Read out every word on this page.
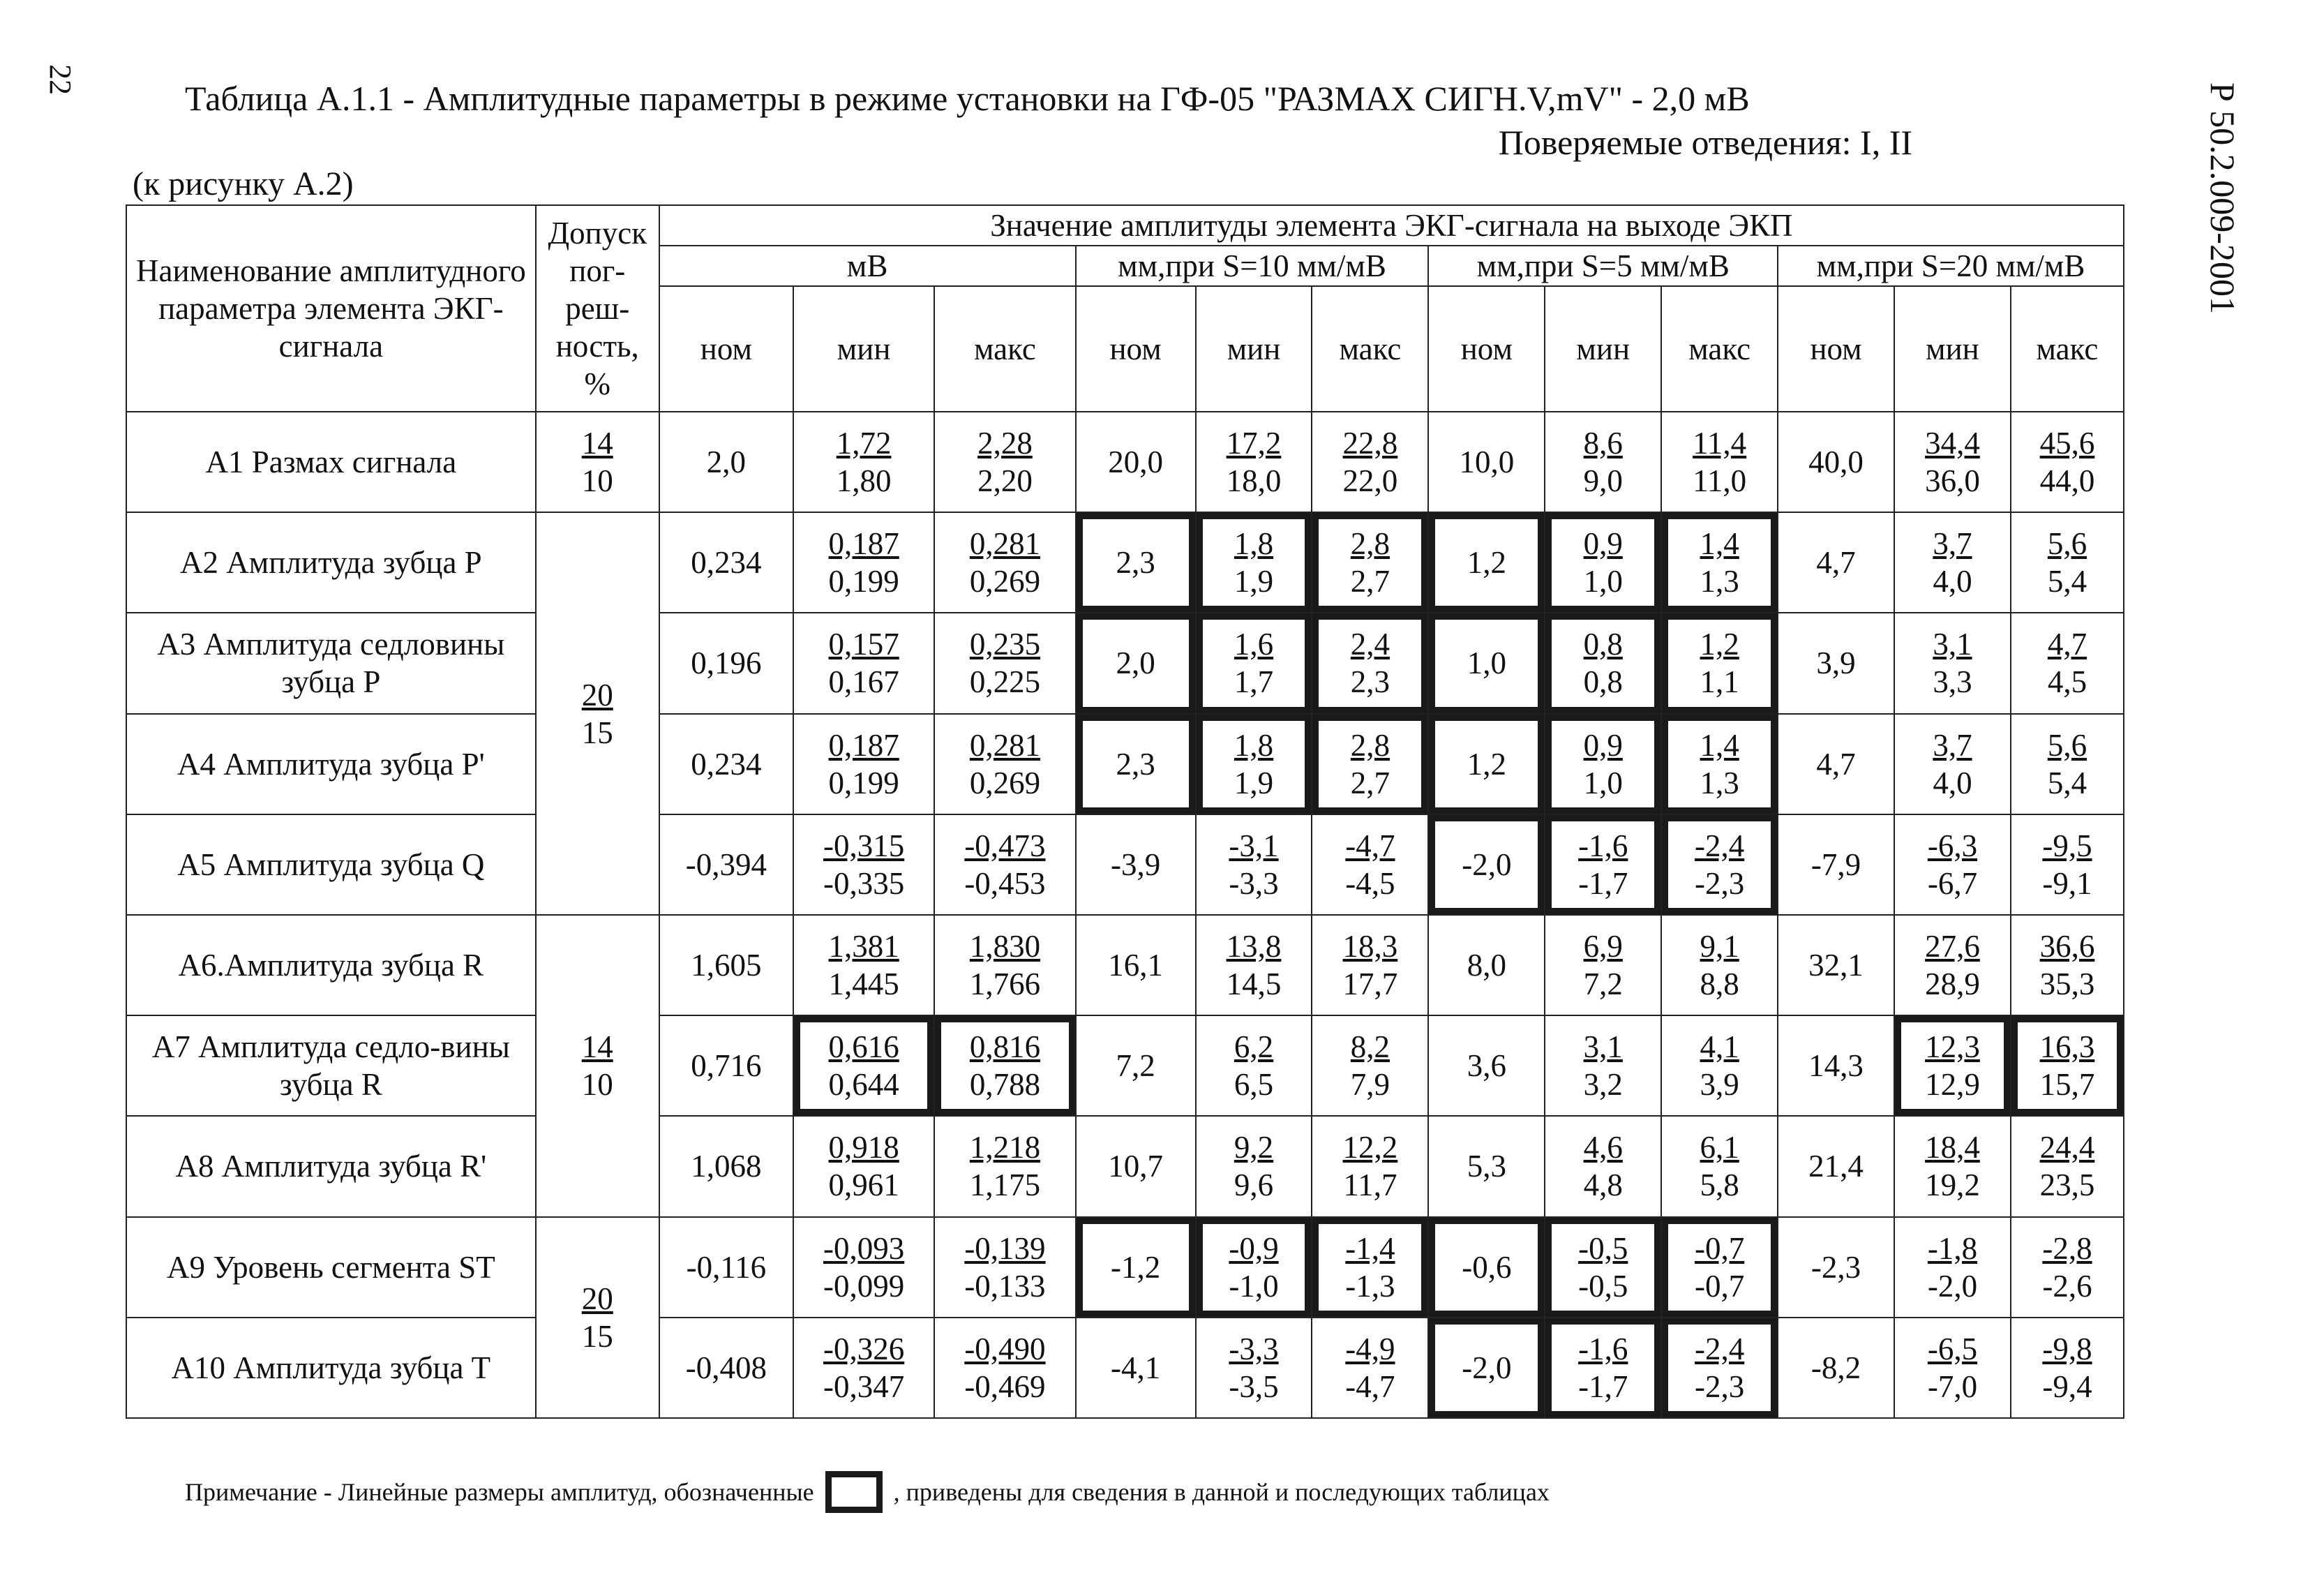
22
Р 50.2.009-2001
Таблица А.1.1 - Амплитудные параметры в режиме установки на ГФ-05 "РАЗМАХ СИГН.V,mV" - 2,0 мВ
Поверяемые отведения: I, II
(к рисунку А.2)
Наименование амплитудного параметра элемента ЭКГ-сигнала	Допуск пог-реш-ность, %	Значение амплитуды элемента ЭКГ-сигнала на выходе ЭКП											
		мВ			мм,при S=10 мм/мВ			мм,при S=5 мм/мВ			мм,при S=20 мм/мВ		
		ном	мин	макс	ном	мин	макс	ном	мин	макс	ном	мин	макс
А1 Размах сигнала	$\frac{14}{10}$	2,0	$\frac{1,72}{1,80}$	$\frac{2,28}{2,20}$	20,0	$\frac{17,2}{18,0}$	$\frac{22,8}{22,0}$	10,0	$\frac{8,6}{9,0}$	$\frac{11,4}{11,0}$	40,0	$\frac{34,4}{36,0}$	$\frac{45,6}{44,0}$

А2 Амплитуда зубца Р	$\frac{20}{15}$	0,234	$\frac{0,187}{0,199}$	$\frac{0,281}{0,269}$	2,3	$\frac{1,8}{1,9}$	$\frac{2,8}{2,7}$	1,2	$\frac{0,9}{1,0}$	$\frac{1,4}{1,3}$	4,7	$\frac{3,7}{4,0}$	$\frac{5,6}{5,4}$

А3 Амплитуда седловины зубца Р		0,196	$\frac{0,157}{0,167}$	$\frac{0,235}{0,225}$	2,0	$\frac{1,6}{1,7}$	$\frac{2,4}{2,3}$	1,0	$\frac{0,8}{0,8}$	$\frac{1,2}{1,1}$	3,9	$\frac{3,1}{3,3}$	$\frac{4,7}{4,5}$

А4 Амплитуда зубца Р'		0,234	$\frac{0,187}{0,199}$	$\frac{0,281}{0,269}$	2,3	$\frac{1,8}{1,9}$	$\frac{2,8}{2,7}$	1,2	$\frac{0,9}{1,0}$	$\frac{1,4}{1,3}$	4,7	$\frac{3,7}{4,0}$	$\frac{5,6}{5,4}$

А5 Амплитуда зубца Q		-0,394	$\frac{-0,315}{-0,335}$	$\frac{-0,473}{-0,453}$	-3,9	$\frac{-3,1}{-3,3}$	$\frac{-4,7}{-4,5}$	-2,0	$\frac{-1,6}{-1,7}$	$\frac{-2,4}{-2,3}$	-7,9	$\frac{-6,3}{-6,7}$	$\frac{-9,5}{-9,1}$

А6.Амплитуда зубца R	$\frac{14}{10}$	1,605	$\frac{1,381}{1,445}$	$\frac{1,830}{1,766}$	16,1	$\frac{13,8}{14,5}$	$\frac{18,3}{17,7}$	8,0	$\frac{6,9}{7,2}$	$\frac{9,1}{8,8}$	32,1	$\frac{27,6}{28,9}$	$\frac{36,6}{35,3}$

А7 Амплитуда седло-вины зубца R		0,716	$\frac{0,616}{0,644}$	$\frac{0,816}{0,788}$	7,2	$\frac{6,2}{6,5}$	$\frac{8,2}{7,9}$	3,6	$\frac{3,1}{3,2}$	$\frac{4,1}{3,9}$	14,3	$\frac{12,3}{12,9}$	$\frac{16,3}{15,7}$

А8 Амплитуда зубца R'		1,068	$\frac{0,918}{0,961}$	$\frac{1,218}{1,175}$	10,7	$\frac{9,2}{9,6}$	$\frac{12,2}{11,7}$	5,3	$\frac{4,6}{4,8}$	$\frac{6,1}{5,8}$	21,4	$\frac{18,4}{19,2}$	$\frac{24,4}{23,5}$

А9 Уровень сегмента ST	$\frac{20}{15}$	-0,116	$\frac{-0,093}{-0,099}$	$\frac{-0,139}{-0,133}$	-1,2	$\frac{-0,9}{-1,0}$	$\frac{-1,4}{-1,3}$	-0,6	$\frac{-0,5}{-0,5}$	$\frac{-0,7}{-0,7}$	-2,3	$\frac{-1,8}{-2,0}$	$\frac{-2,8}{-2,6}$

А10 Амплитуда зубца Т		-0,408	$\frac{-0,326}{-0,347}$	$\frac{-0,490}{-0,469}$	-4,1	$\frac{-3,3}{-3,5}$	$\frac{-4,9}{-4,7}$	-2,0	$\frac{-1,6}{-1,7}$	$\frac{-2,4}{-2,3}$	-8,2	$\frac{-6,5}{-7,0}$	$\frac{-9,8}{-9,4}$
Примечание - Линейные размеры амплитуд, обозначенные	, приведены для сведения в данной и последующих таблицах
